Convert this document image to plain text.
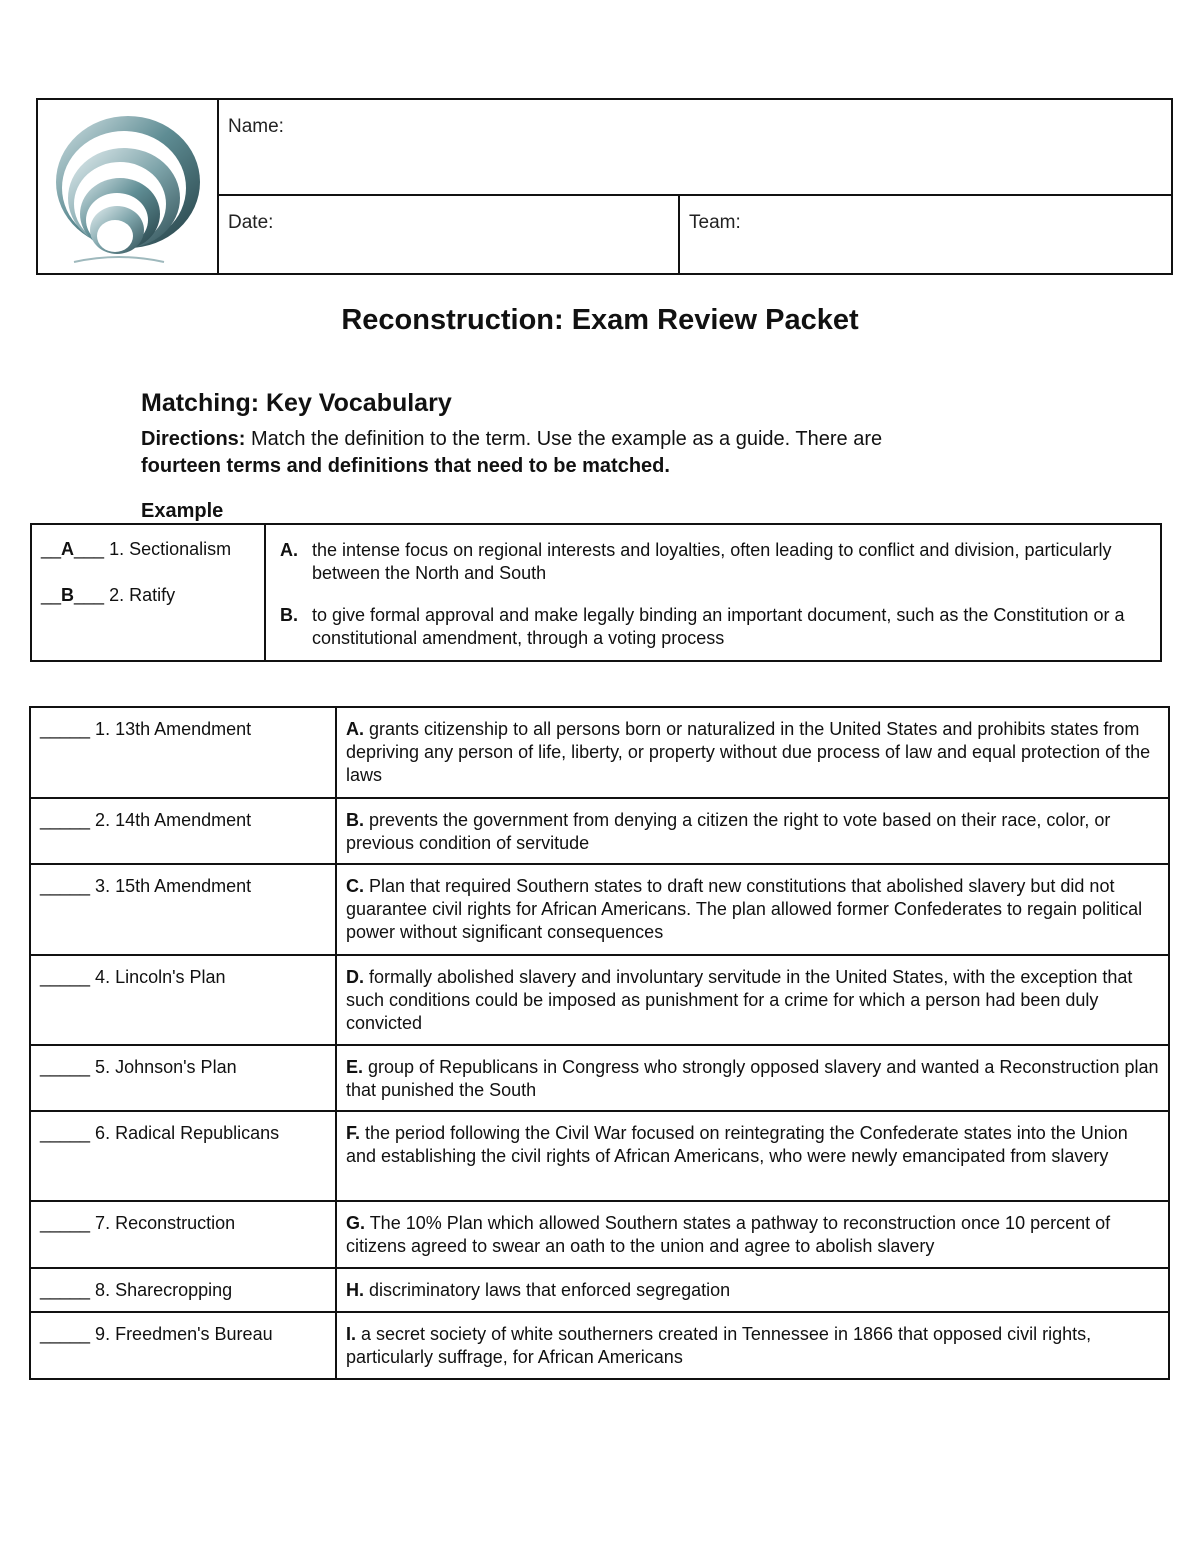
Name:
Date:	Team:
Reconstruction: Exam Review Packet
Matching: Key Vocabulary
Directions: Match the definition to the term. Use the example as a guide. There are
fourteen terms and definitions that need to be matched.
Example
__A___ 1. Sectionalism
__B___ 2. Ratify
A. the intense focus on regional interests and loyalties, often leading to conflict and division, particularly between the North and South
B. to give formal approval and make legally binding an important document, such as the Constitution or a constitutional amendment, through a voting process
_____ 1. 13th Amendment	A. grants citizenship to all persons born or naturalized in the United States and prohibits states from depriving any person of life, liberty, or property without due process of law and equal protection of the laws
_____ 2. 14th Amendment	B. prevents the government from denying a citizen the right to vote based on their race, color, or previous condition of servitude
_____ 3. 15th Amendment	C. Plan that required Southern states to draft new constitutions that abolished slavery but did not guarantee civil rights for African Americans. The plan allowed former Confederates to regain political power without significant consequences
_____ 4. Lincoln's Plan	D. formally abolished slavery and involuntary servitude in the United States, with the exception that such conditions could be imposed as punishment for a crime for which a person had been duly convicted
_____ 5. Johnson's Plan	E. group of Republicans in Congress who strongly opposed slavery and wanted a Reconstruction plan that punished the South
_____ 6. Radical Republicans	F. the period following the Civil War focused on reintegrating the Confederate states into the Union and establishing the civil rights of African Americans, who were newly emancipated from slavery
_____ 7. Reconstruction	G. The 10% Plan which allowed Southern states a pathway to reconstruction once 10 percent of citizens agreed to swear an oath to the union and agree to abolish slavery
_____ 8. Sharecropping	H. discriminatory laws that enforced segregation
_____ 9. Freedmen's Bureau	I. a secret society of white southerners created in Tennessee in 1866 that opposed civil rights, particularly suffrage, for African Americans
